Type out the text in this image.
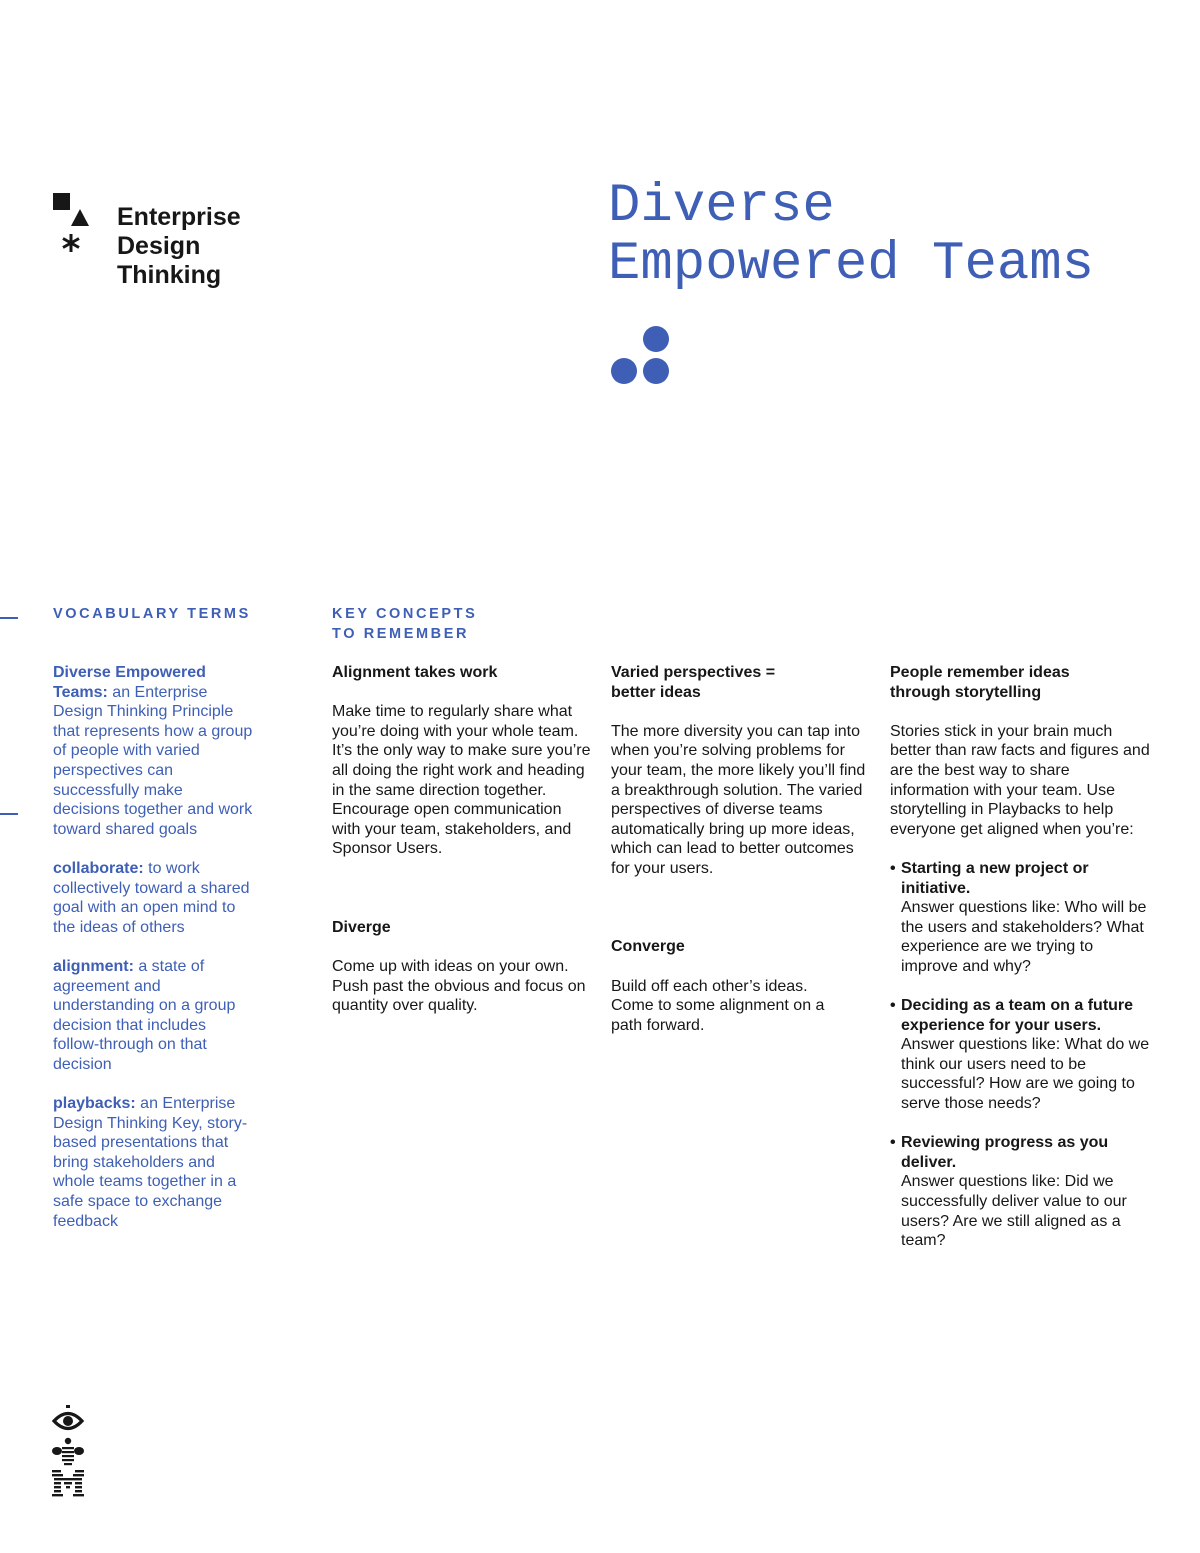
Enterprise
Design
Thinking
Diverse
Empowered Teams
VOCABULARY TERMS	KEY CONCEPTS
TO REMEMBER

Diverse Empowered Teams: an Enterprise Design Thinking Principle that represents how a group of people with varied perspectives can successfully make decisions together and work toward shared goals

collaborate: to work collectively toward a shared goal with an open mind to the ideas of others

alignment: a state of agreement and understanding on a group decision that includes follow-through on that decision

playbacks: an Enterprise Design Thinking Key, story-based presentations that bring stakeholders and whole teams together in a safe space to exchange feedback

Alignment takes work

Make time to regularly share what you’re doing with your whole team. It’s the only way to make sure you’re all doing the right work and heading in the same direction together. Encourage open communication with your team, stakeholders, and Sponsor Users.

Diverge

Come up with ideas on your own. Push past the obvious and focus on quantity over quality.

Varied perspectives = better ideas

The more diversity you can tap into when you’re solving problems for your team, the more likely you’ll find a breakthrough solution. The varied perspectives of diverse teams automatically bring up more ideas, which can lead to better outcomes for your users.

Converge

Build off each other’s ideas. Come to some alignment on a path forward.

People remember ideas through storytelling

Stories stick in your brain much better than raw facts and figures and are the best way to share information with your team. Use storytelling in Playbacks to help everyone get aligned when you’re:

• Starting a new project or initiative.
Answer questions like: Who will be the users and stakeholders? What experience are we trying to improve and why?
• Deciding as a team on a future experience for your users.
Answer questions like: What do we think our users need to be successful? How are we going to serve those needs?
• Reviewing progress as you deliver.
Answer questions like: Did we successfully deliver value to our users? Are we still aligned as a team?
